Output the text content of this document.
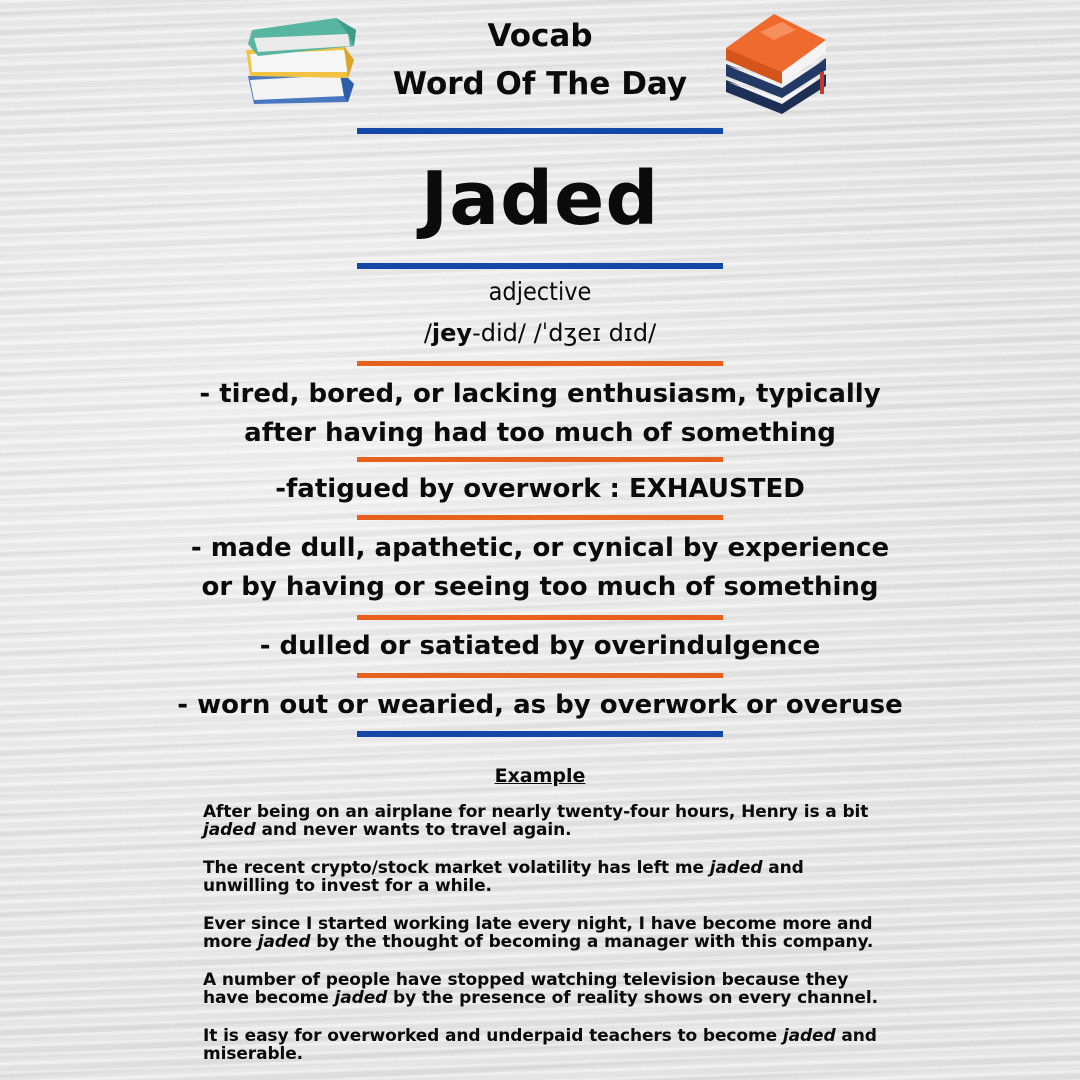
Vocab
Word Of The Day
Jaded
adjective
/jey-did/ /ˈdʒeɪ dɪd/
- tired, bored, or lacking enthusiasm, typically
after having had too much of something
-fatigued by overwork : EXHAUSTED
- made dull, apathetic, or cynical by experience
or by having or seeing too much of something
- dulled or satiated by overindulgence
- worn out or wearied, as by overwork or overuse
Example
After being on an airplane for nearly twenty-four hours, Henry is a bit
jaded and never wants to travel again.
The recent crypto/stock market volatility has left me jaded and
unwilling to invest for a while.
Ever since I started working late every night, I have become more and
more jaded by the thought of becoming a manager with this company.
A number of people have stopped watching television because they
have become jaded by the presence of reality shows on every channel.
It is easy for overworked and underpaid teachers to become jaded and
miserable.
